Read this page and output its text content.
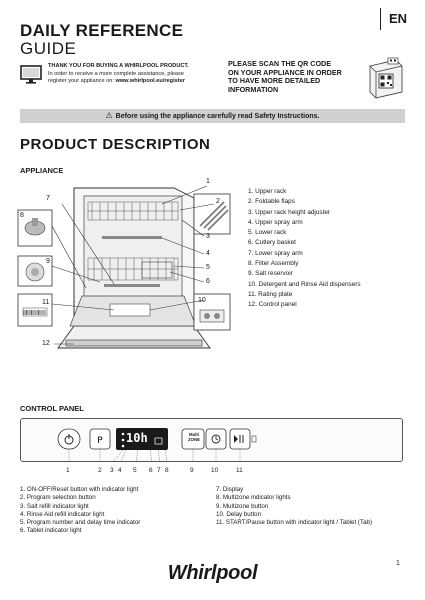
EN
DAILY REFERENCE
GUIDE
THANK YOU FOR BUYING A WHIRLPOOL PRODUCT.
In order to receive a more complete assistance, please
register your appliance on: www.whirlpool.eu/register
PLEASE SCAN THE QR CODE
ON YOUR APPLIANCE IN ORDER
TO HAVE MORE DETAILED
INFORMATION
⚠ Before using the appliance carefully read Safety Instructions.
PRODUCT DESCRIPTION
APPLIANCE
1
2
3
4
5
6
7
8
9
10
11
12
1. Upper rack
2. Foldable flaps
3. Upper rack height adjuster
4. Upper spray arm
5. Lower rack
6. Cutlery basket
7. Lower spray arm
8. Filter Assembly
9. Salt reservoir
10. Detergent and Rinse Aid dispensers
11. Rating plate
12. Control panel
CONTROL PANEL
P 10h	Multi ZONE
1	2 3 4 5 6 7 8	9	10	11
1. ON-OFF/Reset button with indicator light
2. Program selection button
3. Salt refill indicator light
4. Rinse Aid refill indicator light
5. Program number and delay time indicator
6. Tablet indicator light
7. Display
8. Multizone indicator lights
9. Multizone button
10. Delay button
11. START/Pause button with indicator light / Tablet (Tab)
Whirlpool	1
